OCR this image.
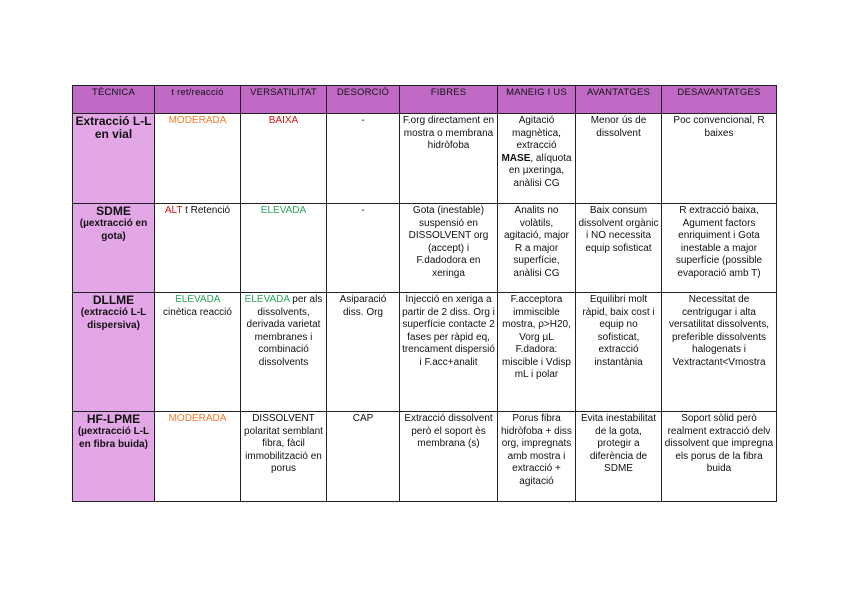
TÈCNICA	t ret/reacció	VERSATILITAT	DESORCIÓ	FIBRES	MANEIG I US	AVANTATGES	DESAVANTATGES

Extracció L-L en vial	MODERADA	BAIXA	-	F.org directament en mostra o membrana hidròfoba	Agitació magnètica, extracció MASE, alíquota en µxeringa, anàlisi CG	Menor ús de dissolvent	Poc convencional, R baixes

SDME
(µextracció en gota)	ALT t Retenció	ELEVADA	-	Gota (inestable) suspensió en DISSOLVENT org (accept) i F.dadodora en xeringa	Analits no volàtils, agitació, major R a major superfície, anàlisi CG	Baix consum dissolvent orgànic i NO necessita equip sofisticat	R extracció baixa, Agument factors enriquiment i Gota inestable a major superfície (possible evaporació amb T)

DLLME
(extracció L-L dispersiva)	ELEVADA cinètica reacció	ELEVADA per als dissolvents, derivada varietat membranes i combinació dissolvents	Asiparació diss. Org	Injecció en xeriga a partir de 2 diss. Org i superfície contacte 2 fases per ràpid eq, trencament dispersió i F.acc+analit	F.acceptora immiscible mostra, ρ>H20, Vorg µL F.dadora: miscible i Vdisp mL i polar	Equilibri molt ràpid, baix cost i equip no sofisticat, extracció instantània	Necessitat de centrigugar i alta versatilitat dissolvents, preferible dissolvents halogenats i Vextractant<Vmostra

HF-LPME
(µextracció L-L en fibra buida)	MODERADA	DISSOLVENT polaritat semblant fibra, fàcil immobilització en porus	CAP	Extracció dissolvent però el soport ès membrana (s)	Porus fibra hidròfoba + diss org, impregnats amb mostra i extracció + agitació	Evita inestabilitat de la gota, protegir a diferència de SDME	Soport sòlid però realment extracció delv dissolvent que impregna els porus de la fibra buida
